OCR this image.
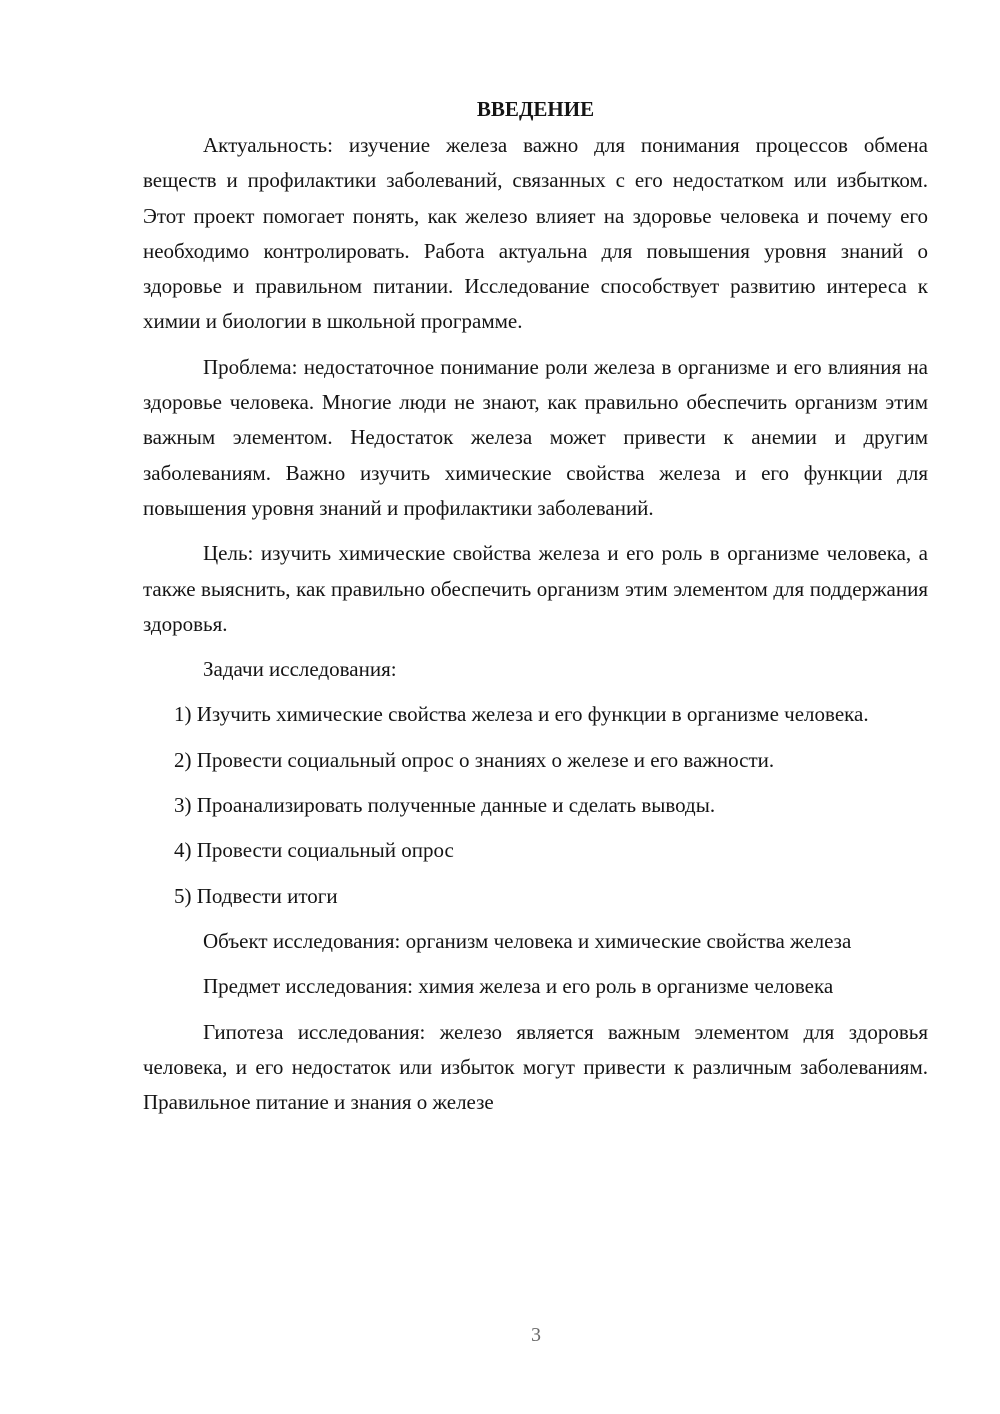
ВВЕДЕНИЕ

Актуальность: изучение железа важно для понимания процессов обмена веществ и профилактики заболеваний, связанных с его недостатком или избытком. Этот проект помогает понять, как железо влияет на здоровье человека и почему его необходимо контролировать. Работа актуальна для повышения уровня знаний о здоровье и правильном питании. Исследование способствует развитию интереса к химии и биологии в школьной программе.

Проблема: недостаточное понимание роли железа в организме и его влияния на здоровье человека. Многие люди не знают, как правильно обеспечить организм этим важным элементом. Недостаток железа может привести к анемии и другим заболеваниям. Важно изучить химические свойства железа и его функции для повышения уровня знаний и профилактики заболеваний.

Цель: изучить химические свойства железа и его роль в организме человека, а также выяснить, как правильно обеспечить организм этим элементом для поддержания здоровья.

Задачи исследования:

1) Изучить химические свойства железа и его функции в организме человека.

2) Провести социальный опрос о знаниях о железе и его важности.

3) Проанализировать полученные данные и сделать выводы.

4) Провести социальный опрос

5) Подвести итоги

Объект исследования: организм человека и химические свойства железа

Предмет исследования: химия железа и его роль в организме человека

Гипотеза исследования: железо является важным элементом для здоровья человека, и его недостаток или избыток могут привести к различным заболеваниям. Правильное питание и знания о железе

3
